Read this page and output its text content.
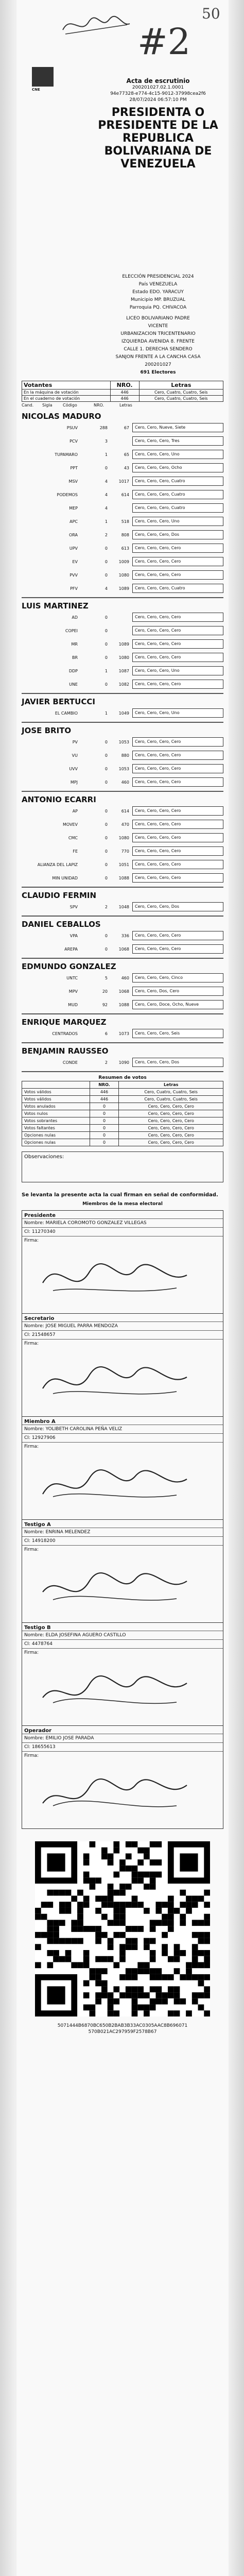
#2
50
CNE
Acta de escrutinio
200201027.02.1.0001
94e77328-e774-4c15-9012-37998cea2f6
28/07/2024 06:57:10 PM
PRESIDENTA O
PRESIDENTE DE LA
REPUBLICA
BOLIVARIANA DE
VENEZUELA
ELECCIÓN PRESIDENCIAL 2024
País VENEZUELA
Estado EDO. YARACUY
Municipio MP. BRUZUAL
Parroquia PQ. CHIVACOA
LICEO BOLIVARIANO PADRE
VICENTE
URBANIZACION TRICENTENARIO
IZQUIERDA AVENIDA 8. FRENTE
CALLE 1. DERECHA SENDERO
SANJON FRENTE A LA CANCHA CASA
200201027
691 Electores
Votantes	NRO.	Letras
En la máquina de votación	446	Cero, Cuatro, Cuatro, Seis
En el cuaderno de votación	446	Cero, Cuatro, Cuatro, Seis
Cand.	Sigla	Código	NRO.	Letras
NICOLAS MADURO
PSUV	288	67	Cero, Cero, Nueve, Siete
PCV	3	Cero, Cero, Cero, Tres
TUPAMARO	1	65	Cero, Cero, Cero, Uno
PPT	0	43	Cero, Cero, Cero, Ocho
MSV	4	1017	Cero, Cero, Cero, Cuatro
PODEMOS	4	614	Cero, Cero, Cero, Cuatro
MEP	4	Cero, Cero, Cero, Cuatro
APC	1	518	Cero, Cero, Cero, Uno
ORA	2	808	Cero, Cero, Cero, Dos
UPV	0	613	Cero, Cero, Cero, Cero
EV	0	1009	Cero, Cero, Cero, Cero
PVV	0	1080	Cero, Cero, Cero, Cero
PFV	4	1089	Cero, Cero, Cero, Cuatro
LUIS MARTINEZ
AD	0	Cero, Cero, Cero, Cero
COPEI	0	Cero, Cero, Cero, Cero
MR	0	1089	Cero, Cero, Cero, Cero
BR	0	1080	Cero, Cero, Cero, Cero
DDP	1	1087	Cero, Cero, Cero, Uno
UNE	0	1082	Cero, Cero, Cero, Cero
JAVIER BERTUCCI
EL CAMBIO	1	1049	Cero, Cero, Cero, Uno
JOSE BRITO
PV	0	1053	Cero, Cero, Cero, Cero
VU	0	880	Cero, Cero, Cero, Cero
UVV	0	1053	Cero, Cero, Cero, Cero
MPJ	0	460	Cero, Cero, Cero, Cero
ANTONIO ECARRI
AP	0	614	Cero, Cero, Cero, Cero
MOVEV	0	470	Cero, Cero, Cero, Cero
CMC	0	1080	Cero, Cero, Cero, Cero
FE	0	770	Cero, Cero, Cero, Cero
ALIANZA DEL LAPIZ	0	1051	Cero, Cero, Cero, Cero
MIN UNIDAD	0	1088	Cero, Cero, Cero, Cero
CLAUDIO FERMIN
SPV	2	1048	Cero, Cero, Cero, Dos
DANIEL CEBALLOS
VPA	0	336	Cero, Cero, Cero, Cero
AREPA	0	1068	Cero, Cero, Cero, Cero
EDMUNDO GONZALEZ
UNTC	5	460	Cero, Cero, Cero, Cinco
MPV	20	1068	Cero, Cero, Dos, Cero
MUD	92	1088	Cero, Cero, Doce, Ocho, Nueve
ENRIQUE MARQUEZ
CENTRADOS	6	1073	Cero, Cero, Cero, Seis
BENJAMIN RAUSSEO
CONDE	2	1090	Cero, Cero, Cero, Dos
Resumen de votos
	NRO.	Letras
Votos válidos	446	Cero, Cuatro, Cuatro, Seis
Votos válidos	446	Cero, Cuatro, Cuatro, Seis
Votos anulados	0	Cero, Cero, Cero, Cero
Votos nulos	0	Cero, Cero, Cero, Cero
Votos sobrantes	0	Cero, Cero, Cero, Cero
Votos faltantes	0	Cero, Cero, Cero, Cero
Opciones nulas	0	Cero, Cero, Cero, Cero
Opciones nulas	0	Cero, Cero, Cero, Cero
Observaciones:
Se levanta la presente acta la cual firman en señal de conformidad.
Miembros de la mesa electoral
Presidente
Nombre: MARIELA COROMOTO GONZALEZ VILLEGAS
CI: 11270340
Firma:
Secretario
Nombre: JOSE MIGUEL PARRA MENDOZA
CI: 21548657
Firma:
Miembro A
Nombre: YOLIBETH CAROLINA PEÑA VELIZ
CI: 12927906
Firma:
Testigo A
Nombre: ENRINA MELENDEZ
CI: 14918200
Firma:
Testigo B
Nombre: ELDA JOSEFINA AGUERO CASTILLO
CI: 4478764
Firma:
Operador
Nombre: EMILIO JOSE PARADA
CI: 18655613
Firma:
5071444B6870BC650B2BAB3B33AC0305AAC8B696071
570B021AC297959F2578B67
